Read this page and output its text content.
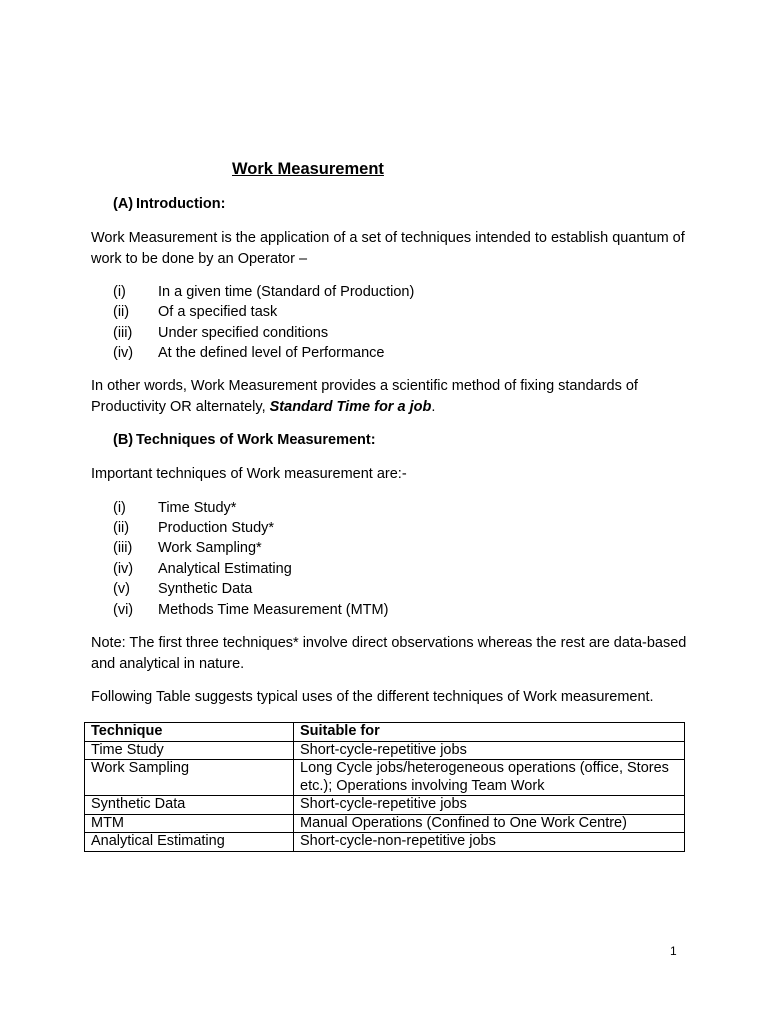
Work Measurement
(A) Introduction:
Work Measurement is the application of a set of techniques intended to establish quantum of work to be done by an Operator –
(i) In a given time (Standard of Production)
(ii) Of a specified task
(iii) Under specified conditions
(iv) At the defined level of Performance
In other words, Work Measurement provides a scientific method of fixing standards of Productivity OR alternately, Standard Time for a job.
(B) Techniques of Work Measurement:
Important techniques of Work measurement are:-
(i) Time Study*
(ii) Production Study*
(iii) Work Sampling*
(iv) Analytical Estimating
(v) Synthetic Data
(vi) Methods Time Measurement (MTM)
Note: The first three techniques* involve direct observations whereas the rest are data-based and analytical in nature.
Following Table suggests typical uses of the different techniques of Work measurement.
Technique	Suitable for
Time Study	Short-cycle-repetitive jobs
Work Sampling	Long Cycle jobs/heterogeneous operations (office, Stores etc.); Operations involving Team Work
Synthetic Data	Short-cycle-repetitive jobs
MTM	Manual Operations (Confined to One Work Centre)
Analytical Estimating	Short-cycle-non-repetitive jobs
1
